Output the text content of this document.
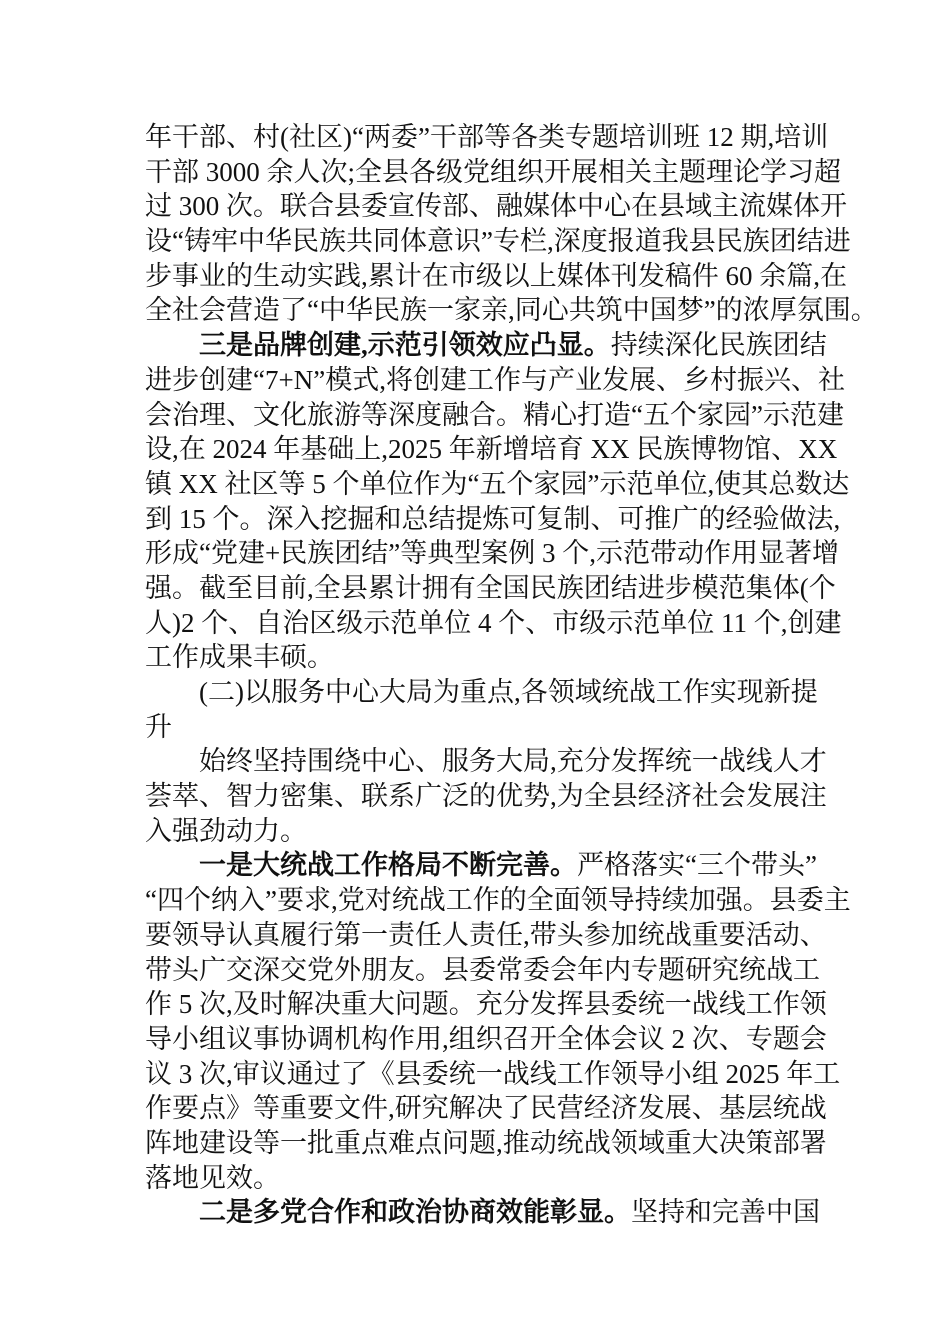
年干部、村(社区)“两委”干部等各类专题培训班 12 期,培训
干部 3000 余人次;全县各级党组织开展相关主题理论学习超
过 300 次。联合县委宣传部、融媒体中心在县域主流媒体开
设“铸牢中华民族共同体意识”专栏,深度报道我县民族团结进
步事业的生动实践,累计在市级以上媒体刊发稿件 60 余篇,在
全社会营造了“中华民族一家亲,同心共筑中国梦”的浓厚氛围。
三是品牌创建,示范引领效应凸显。持续深化民族团结
进步创建“7+N”模式,将创建工作与产业发展、乡村振兴、社
会治理、文化旅游等深度融合。精心打造“五个家园”示范建
设,在 2024 年基础上,2025 年新增培育 XX 民族博物馆、XX
镇 XX 社区等 5 个单位作为“五个家园”示范单位,使其总数达
到 15 个。深入挖掘和总结提炼可复制、可推广的经验做法,
形成“党建+民族团结”等典型案例 3 个,示范带动作用显著增
强。截至目前,全县累计拥有全国民族团结进步模范集体(个
人)2 个、自治区级示范单位 4 个、市级示范单位 11 个,创建
工作成果丰硕。
(二)以服务中心大局为重点,各领域统战工作实现新提
升
始终坚持围绕中心、服务大局,充分发挥统一战线人才
荟萃、智力密集、联系广泛的优势,为全县经济社会发展注
入强劲动力。
一是大统战工作格局不断完善。严格落实“三个带头”
“四个纳入”要求,党对统战工作的全面领导持续加强。县委主
要领导认真履行第一责任人责任,带头参加统战重要活动、
带头广交深交党外朋友。县委常委会年内专题研究统战工
作 5 次,及时解决重大问题。充分发挥县委统一战线工作领
导小组议事协调机构作用,组织召开全体会议 2 次、专题会
议 3 次,审议通过了《县委统一战线工作领导小组 2025 年工
作要点》等重要文件,研究解决了民营经济发展、基层统战
阵地建设等一批重点难点问题,推动统战领域重大决策部署
落地见效。
二是多党合作和政治协商效能彰显。坚持和完善中国
